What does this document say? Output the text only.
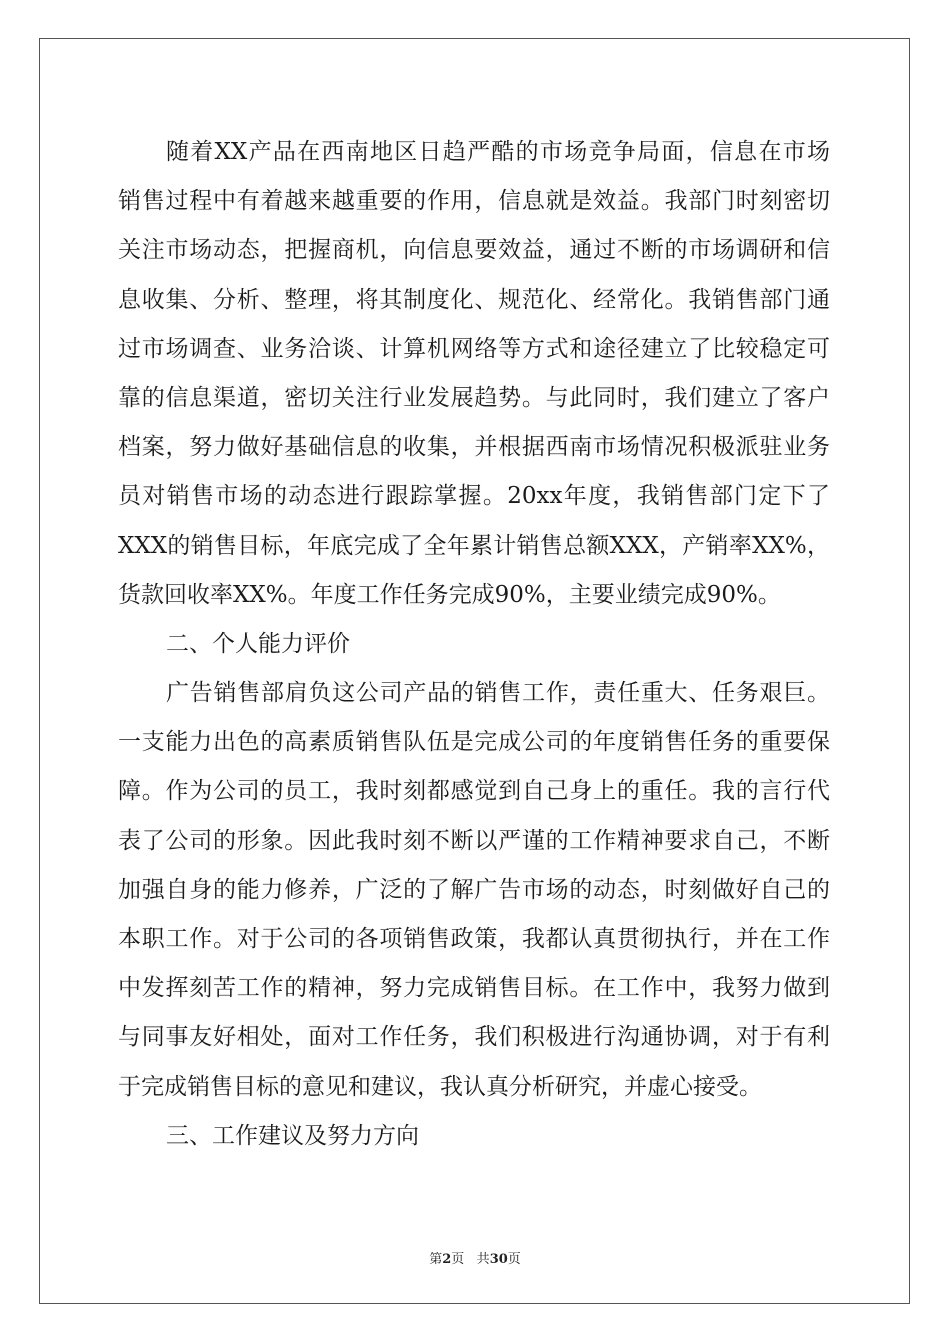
随着XX产品在西南地区日趋严酷的市场竞争局面，信息在市场
销售过程中有着越来越重要的作用，信息就是效益。我部门时刻密切
关注市场动态，把握商机，向信息要效益，通过不断的市场调研和信
息收集、分析、整理，将其制度化、规范化、经常化。我销售部门通
过市场调查、业务洽谈、计算机网络等方式和途径建立了比较稳定可
靠的信息渠道，密切关注行业发展趋势。与此同时，我们建立了客户
档案，努力做好基础信息的收集，并根据西南市场情况积极派驻业务
员对销售市场的动态进行跟踪掌握。20xx年度，我销售部门定下了
XXX的销售目标，年底完成了全年累计销售总额XXX，产销率XX%，
货款回收率XX%。年度工作任务完成90%，主要业绩完成90%。
二、个人能力评价
广告销售部肩负这公司产品的销售工作，责任重大、任务艰巨。
一支能力出色的高素质销售队伍是完成公司的年度销售任务的重要保
障。作为公司的员工，我时刻都感觉到自己身上的重任。我的言行代
表了公司的形象。因此我时刻不断以严谨的工作精神要求自己，不断
加强自身的能力修养，广泛的了解广告市场的动态，时刻做好自己的
本职工作。对于公司的各项销售政策，我都认真贯彻执行，并在工作
中发挥刻苦工作的精神，努力完成销售目标。在工作中，我努力做到
与同事友好相处，面对工作任务，我们积极进行沟通协调，对于有利
于完成销售目标的意见和建议，我认真分析研究，并虚心接受。
三、工作建议及努力方向
第2页 共30页
